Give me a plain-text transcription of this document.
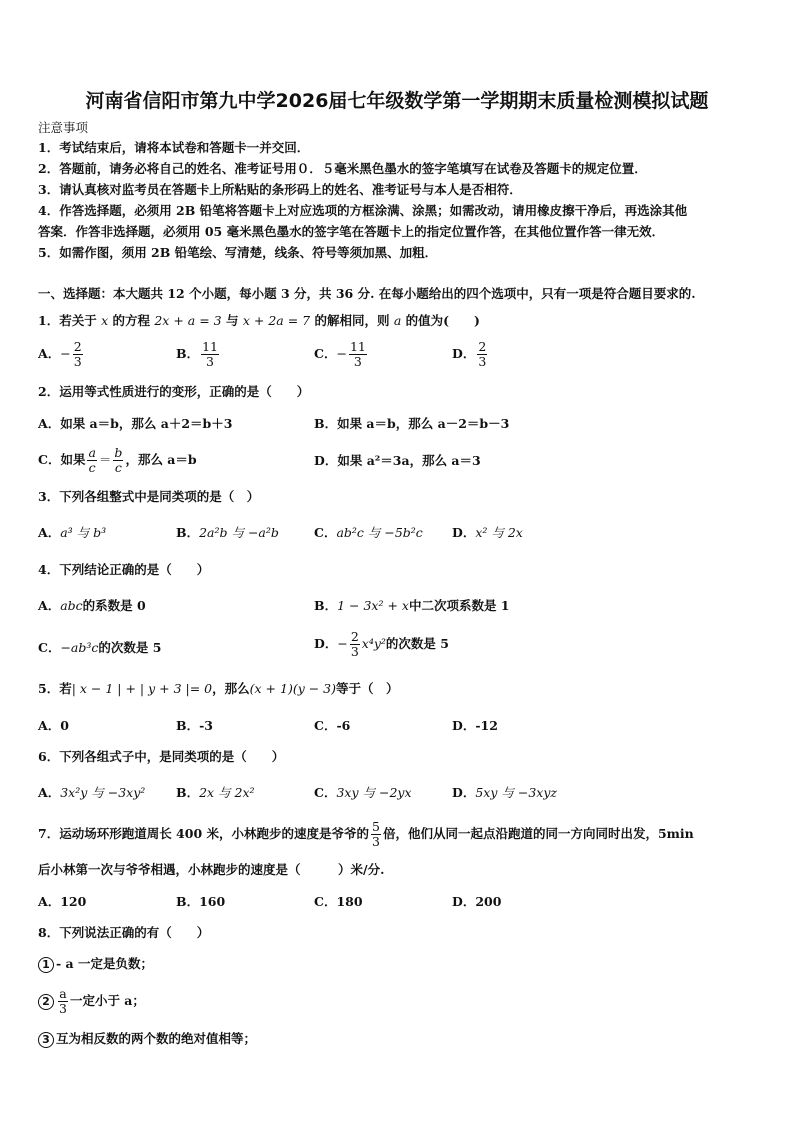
河南省信阳市第九中学2026届七年级数学第一学期期末质量检测模拟试题
注意事项
1．考试结束后，请将本试卷和答题卡一并交回．
2．答题前，请务必将自己的姓名、准考证号用０．５毫米黑色墨水的签字笔填写在试卷及答题卡的规定位置．
3．请认真核对监考员在答题卡上所粘贴的条形码上的姓名、准考证号与本人是否相符．
4．作答选择题，必须用 2B 铅笔将答题卡上对应选项的方框涂满、涂黑；如需改动，请用橡皮擦干净后，再选涂其他
答案．作答非选择题，必须用 05 毫米黑色墨水的签字笔在答题卡上的指定位置作答，在其他位置作答一律无效．
5．如需作图，须用 2B 铅笔绘、写清楚，线条、符号等须加黑、加粗．
一、选择题：本大题共 12 个小题，每小题 3 分，共 36 分. 在每小题给出的四个选项中，只有一项是符合题目要求的.
1．若关于 x 的方程 2x + a = 3 与 x + 2a = 7 的解相同，则 a 的值为(　　)
A．− $\frac{2}{3}$	B． $\frac{11}{3}$	C．− $\frac{11}{3}$	D． $\frac{2}{3}$
2．运用等式性质进行的变形，正确的是（　　）
A．如果 a＝b，那么 a＋2＝b＋3	B．如果 a＝b，那么 a－2＝b－3
C．如果 $\frac{a}{c} = \frac{b}{c}$ ，那么 a＝b	D．如果 a²＝3a，那么 a＝3
3．下列各组整式中是同类项的是（　）
A．a³ 与 b³	B．2a²b 与 −a²b	C．ab²c 与 −5b²c D．x² 与 2x
4．下列结论正确的是（　　）
A．abc的系数是 0	B．1 − 3x² + x中二次项系数是 1
C．−ab³c的次数是 5	D．− $\frac{2}{3} x^4y^2$的次数是 5
5．若| x − 1 | + | y + 3 |= 0，那么(x + 1)(y − 3)等于（　）
A．0	B．-3	C．-6	D．-12
6．下列各组式子中，是同类项的是（　　）
A．3x²y 与 −3xy² B．2x 与 2x²	C．3xy 与 −2yx	D．5xy 与 −3xyz
7．运动场环形跑道周长 400 米，小林跑步的速度是爷爷的 $\frac{5}{3}$ 倍，他们从同一起点沿跑道的同一方向同时出发，5min
后小林第一次与爷爷相遇，小林跑步的速度是（　　　）米/分.
A．120	B．160	C．180	D．200
8．下列说法正确的有（　　）
1 - a 一定是负数；
$2 \frac{a}{3}$ 一定小于 a；
3 互为相反数的两个数的绝对值相等；
